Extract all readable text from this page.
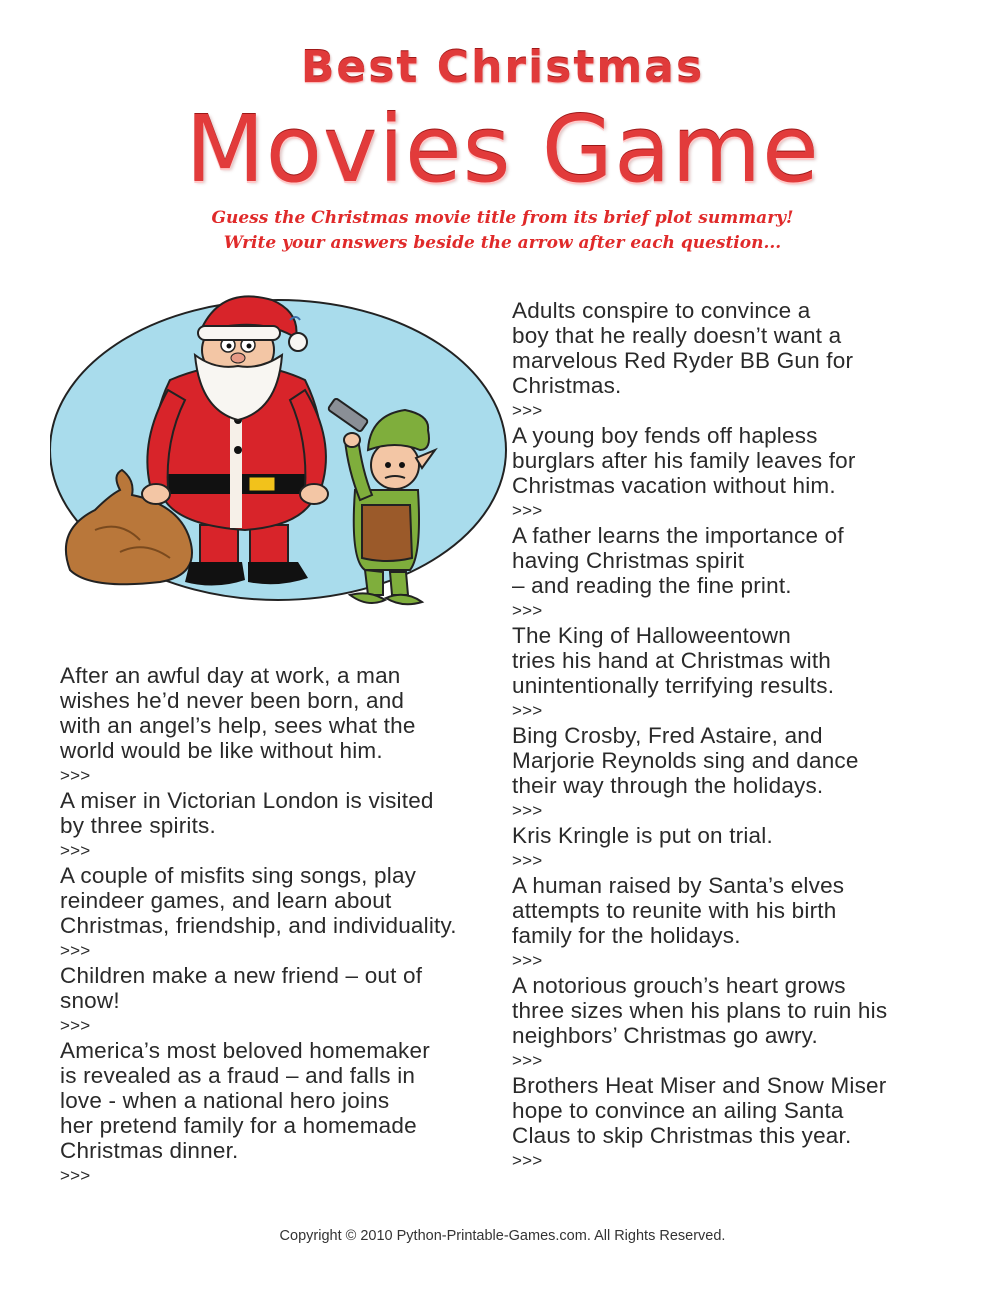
Best Christmas
Movies Game
Guess the Christmas movie title from its brief plot summary!
Write your answers beside the arrow after each question...
After an awful day at work, a man
wishes he’d never been born, and
with an angel’s help, sees what the
world would be like without him.
>>>
A miser in Victorian London is visited
by three spirits.
>>>
A couple of misfits sing songs, play
reindeer games, and learn about
Christmas, friendship, and individuality.
>>>
Children make a new friend – out of
snow!
>>>
America’s most beloved homemaker
is revealed as a fraud – and falls in
love - when a national hero joins
her pretend family for a homemade
Christmas dinner.
>>>
Adults conspire to convince a
boy that he really doesn’t want a
marvelous Red Ryder BB Gun for
Christmas.
>>>
A young boy fends off hapless
burglars after his family leaves for
Christmas vacation without him.
>>>
A father learns the importance of
having Christmas spirit
– and reading the fine print.
>>>
The King of Halloweentown
tries his hand at Christmas with
unintentionally terrifying results.
>>>
Bing Crosby, Fred Astaire, and
Marjorie Reynolds sing and dance
their way through the holidays.
>>>
Kris Kringle is put on trial.
>>>
A human raised by Santa’s elves
attempts to reunite with his birth
family for the holidays.
>>>
A notorious grouch’s heart grows
three sizes when his plans to ruin his
neighbors’ Christmas go awry.
>>>
Brothers Heat Miser and Snow Miser
hope to convince an ailing Santa
Claus to skip Christmas this year.
>>>
Copyright © 2010 Python-Printable-Games.com. All Rights Reserved.
